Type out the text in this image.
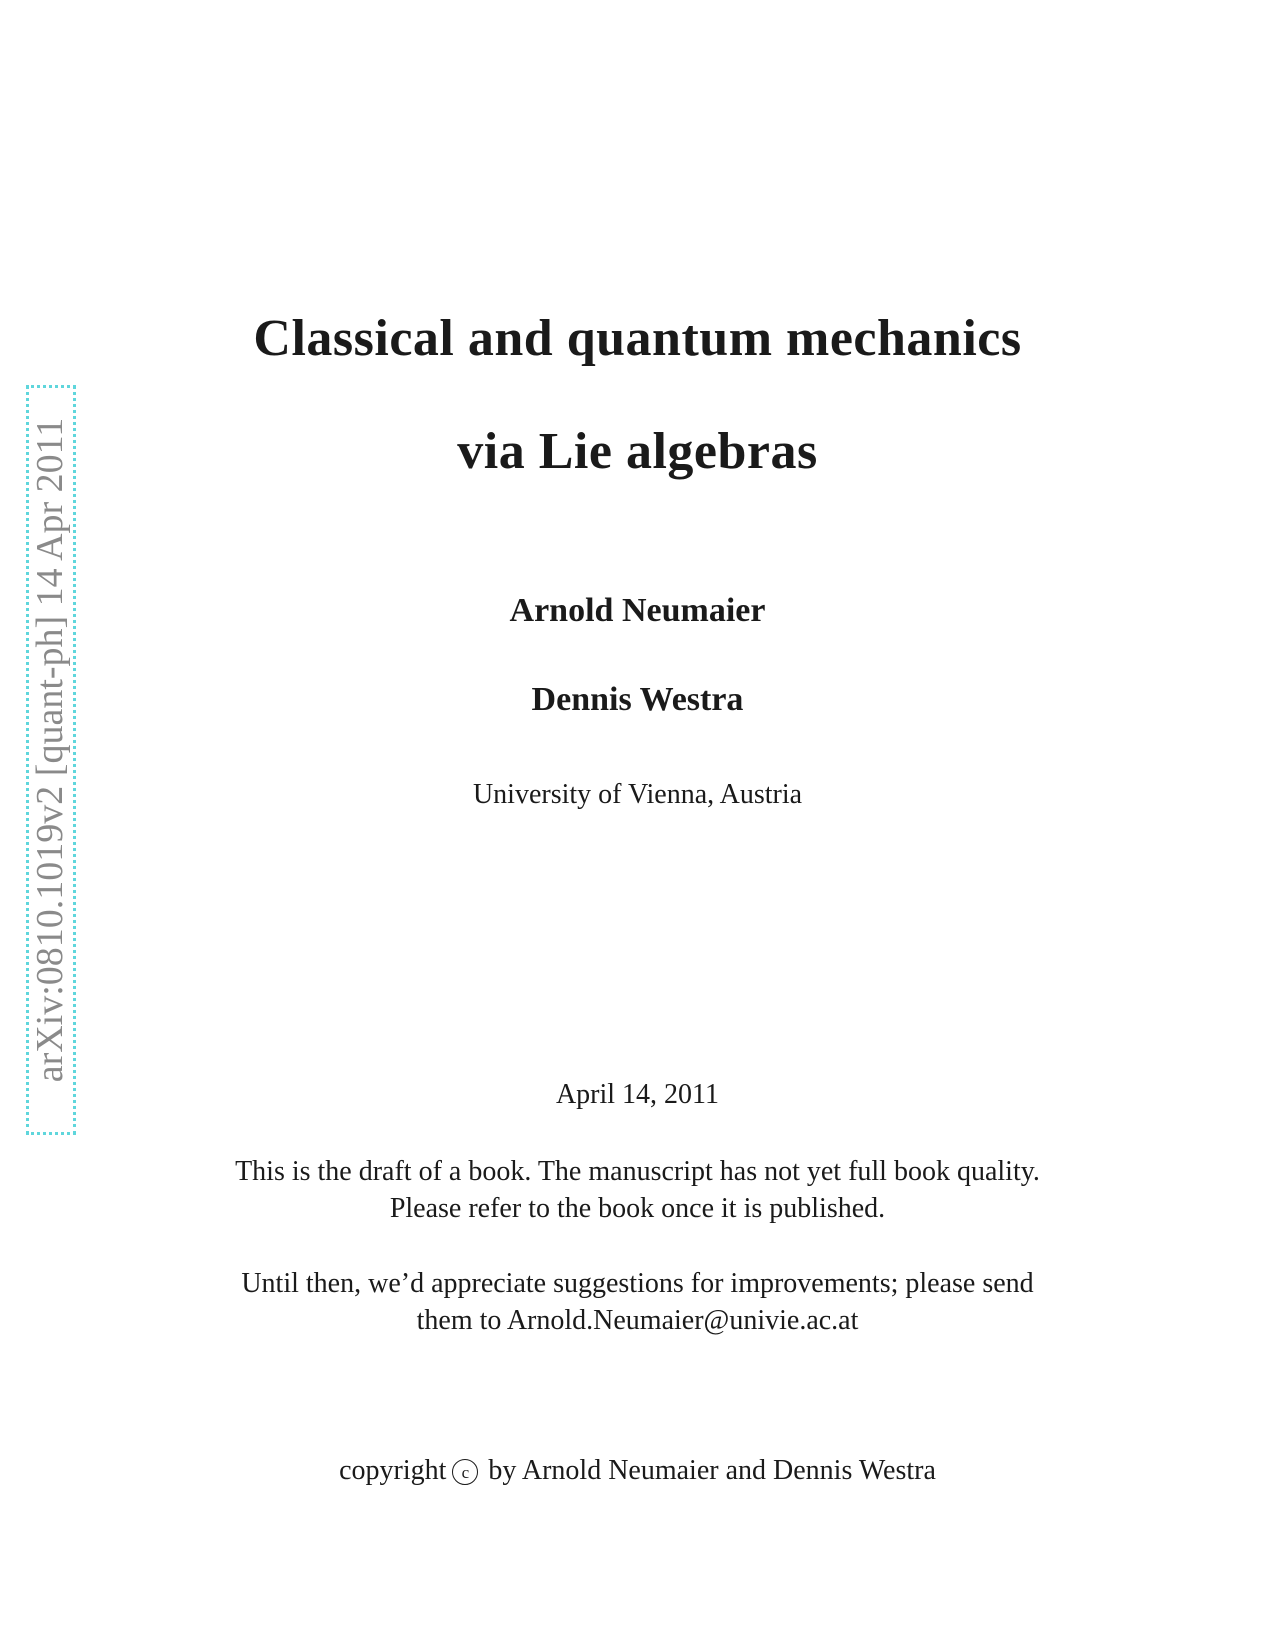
arXiv:0810.1019v2 [quant-ph] 14 Apr 2011
Classical and quantum mechanics
via Lie algebras
Arnold Neumaier
Dennis Westra
University of Vienna, Austria
April 14, 2011
This is the draft of a book. The manuscript has not yet full book quality.
Please refer to the book once it is published.
Until then, we’d appreciate suggestions for improvements; please send
them to Arnold.Neumaier@univie.ac.at
copyright c by Arnold Neumaier and Dennis Westra
